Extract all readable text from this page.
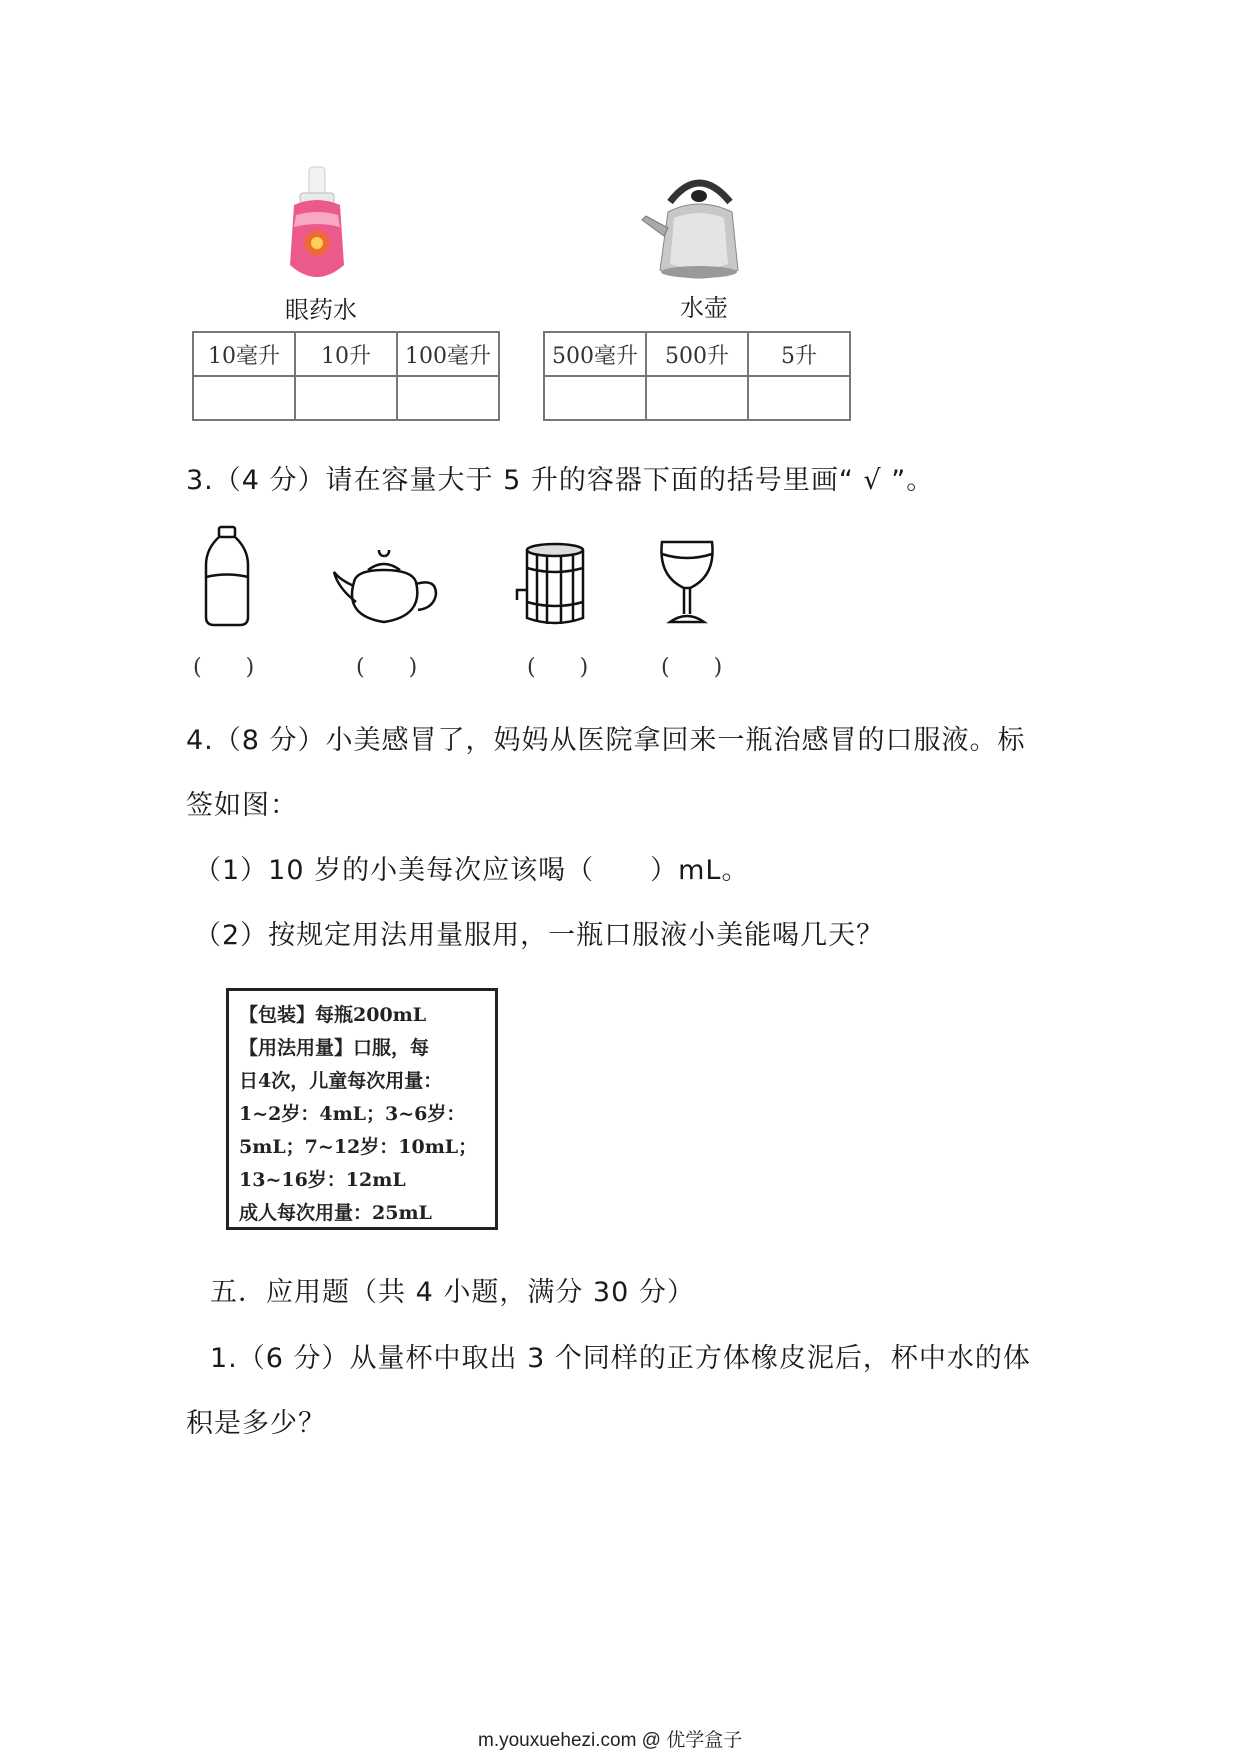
眼药水	水壶
10毫升	10升	100毫升
			500毫升	500升	5升

3.（4 分）请在容量大于 5 升的容器下面的括号里画“ √ ”。
(　　)	(　　)	(　　)	(　　)
4.（8 分）小美感冒了，妈妈从医院拿回来一瓶治感冒的口服液。标
签如图：
（1）10 岁的小美每次应该喝（　　）mL。
（2）按规定用法用量服用，一瓶口服液小美能喝几天？
【包装】每瓶200mL
【用法用量】口服，每
日4次，儿童每次用量：
1~2岁：4mL；3~6岁：
5mL；7~12岁：10mL；
13~16岁：12mL
成人每次用量：25mL
五．应用题（共 4 小题，满分 30 分）
1.（6 分）从量杯中取出 3 个同样的正方体橡皮泥后，杯中水的体
积是多少？
m.youxuehezi.com @ 优学盒子
